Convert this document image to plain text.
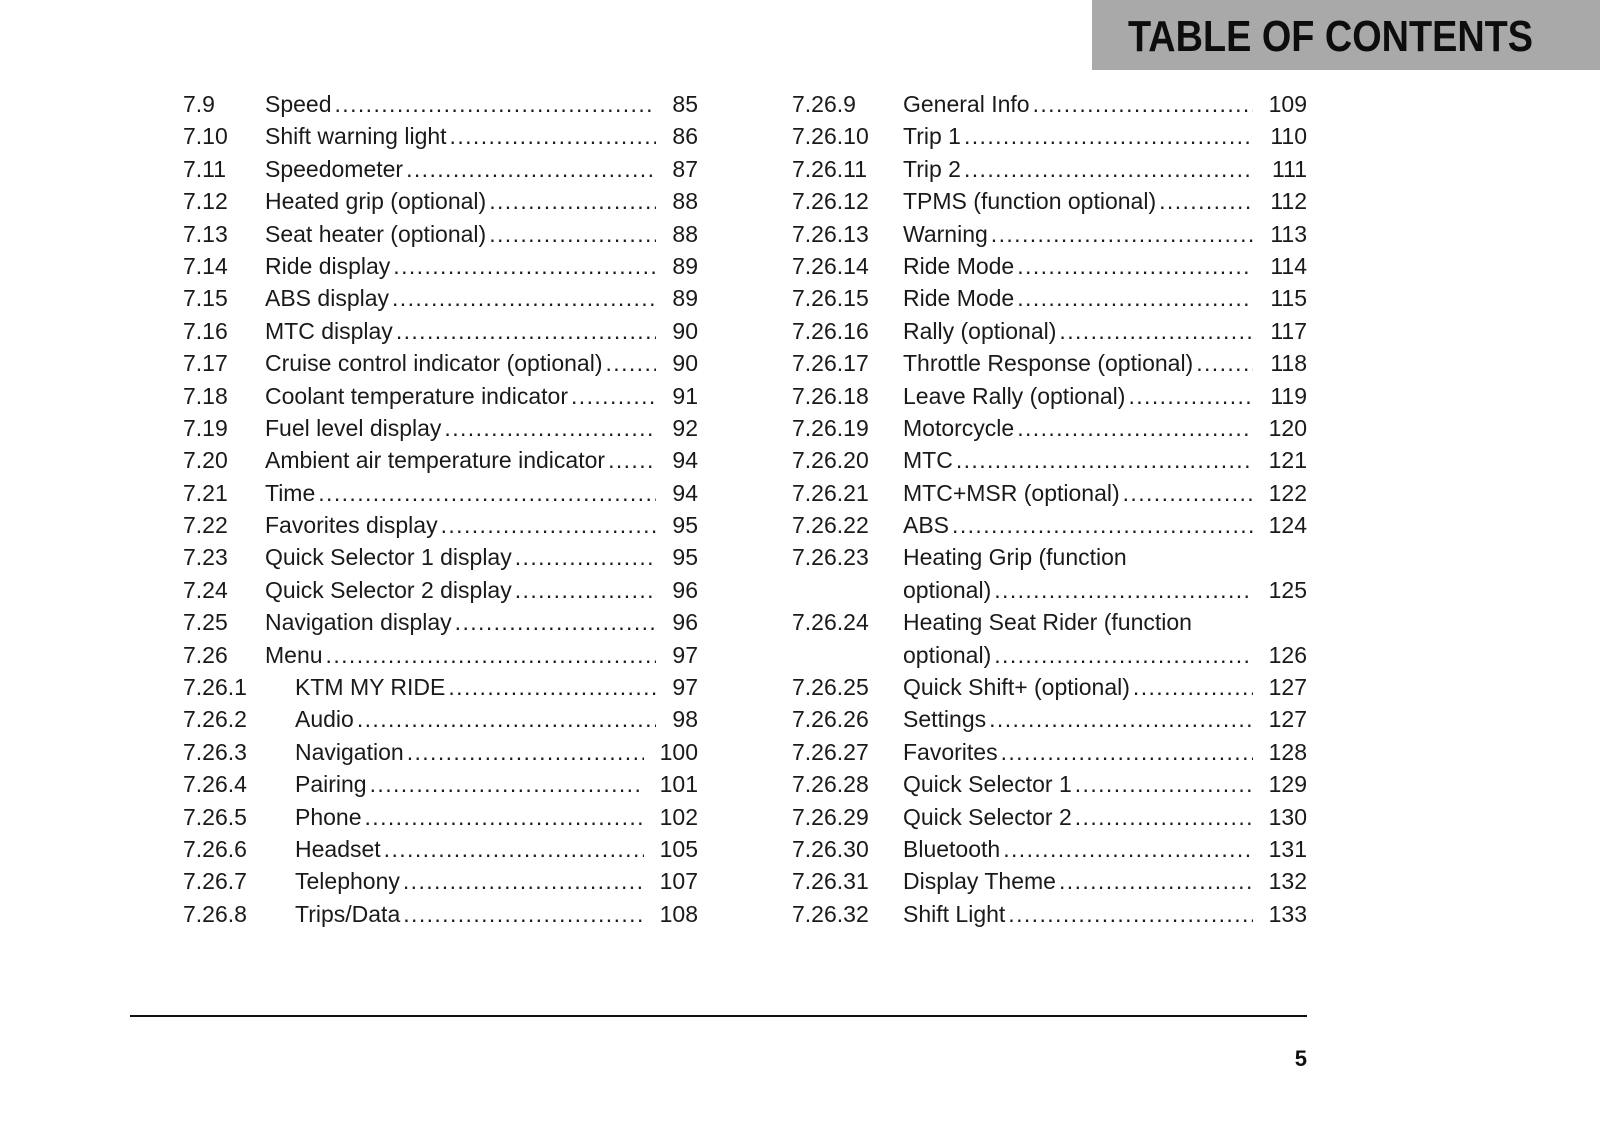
TABLE OF CONTENTS
7.9	Speed .....	85
7.10	Shift warning light .....	86
7.11	Speedometer .....	87
7.12	Heated grip (optional) .....	88
7.13	Seat heater (optional) .....	88
7.14	Ride display .....	89
7.15	ABS display .....	89
7.16	MTC display .....	90
7.17	Cruise control indicator (optional) .....	90
7.18	Coolant temperature indicator .....	91
7.19	Fuel level display .....	92
7.20	Ambient air temperature indicator .....	94
7.21	Time .....	94
7.22	Favorites display .....	95
7.23	Quick Selector 1 display .....	95
7.24	Quick Selector 2 display .....	96
7.25	Navigation display .....	96
7.26	Menu .....	97
7.26.1	KTM MY RIDE .....	97
7.26.2	Audio .....	98
7.26.3	Navigation .....	100
7.26.4	Pairing .....	101
7.26.5	Phone .....	102
7.26.6	Headset .....	105
7.26.7	Telephony .....	107
7.26.8	Trips/Data .....	108
7.26.9	General Info .....	109
7.26.10	Trip 1 .....	110
7.26.11	Trip 2 .....	111
7.26.12	TPMS (function optional) .....	112
7.26.13	Warning .....	113
7.26.14	Ride Mode .....	114
7.26.15	Ride Mode .....	115
7.26.16	Rally (optional) .....	117
7.26.17	Throttle Response (optional) .....	118
7.26.18	Leave Rally (optional) .....	119
7.26.19	Motorcycle .....	120
7.26.20	MTC .....	121
7.26.21	MTC+MSR (optional) .....	122
7.26.22	ABS .....	124
7.26.23	Heating Grip (function
optional) .....	125
7.26.24	Heating Seat Rider (function
optional) .....	126
7.26.25	Quick Shift+ (optional) .....	127
7.26.26	Settings .....	127
7.26.27	Favorites .....	128
7.26.28	Quick Selector 1 .....	129
7.26.29	Quick Selector 2 .....	130
7.26.30	Bluetooth .....	131
7.26.31	Display Theme .....	132
7.26.32	Shift Light .....	133
5
